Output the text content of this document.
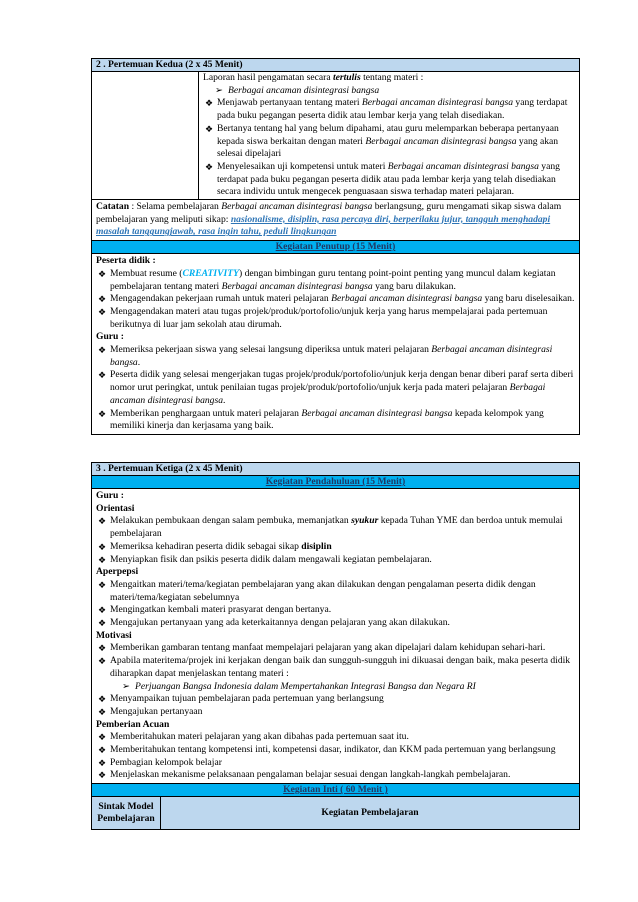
2 . Pertemuan Kedua (2 x 45 Menit)
Laporan hasil pengamatan secara tertulis tentang materi :
➢ Berbagai ancaman disintegrasi bangsa
❖ Menjawab pertanyaan tentang materi Berbagai ancaman disintegrasi bangsa yang terdapat pada buku pegangan peserta didik atau lembar kerja yang telah disediakan.
❖ Bertanya tentang hal yang belum dipahami, atau guru melemparkan beberapa pertanyaan kepada siswa berkaitan dengan materi Berbagai ancaman disintegrasi bangsa yang akan selesai dipelajari
❖ Menyelesaikan uji kompetensi untuk materi Berbagai ancaman disintegrasi bangsa yang terdapat pada buku pegangan peserta didik atau pada lembar kerja yang telah disediakan secara individu untuk mengecek penguasaan siswa terhadap materi pelajaran.
Catatan : Selama pembelajaran Berbagai ancaman disintegrasi bangsa berlangsung, guru mengamati sikap siswa dalam pembelajaran yang meliputi sikap: nasionalisme, disiplin, rasa percaya diri, berperilaku jujur, tangguh menghadapi masalah tanggungjawab, rasa ingin tahu, peduli lingkungan
Kegiatan Penutup (15 Menit)
Peserta didik :
❖ Membuat resume (CREATIVITY) dengan bimbingan guru tentang point-point penting yang muncul dalam kegiatan pembelajaran tentang materi Berbagai ancaman disintegrasi bangsa yang baru dilakukan.
❖ Mengagendakan pekerjaan rumah untuk materi pelajaran Berbagai ancaman disintegrasi bangsa yang baru diselesaikan.
❖ Mengagendakan materi atau tugas projek/produk/portofolio/unjuk kerja yang harus mempelajarai pada pertemuan berikutnya di luar jam sekolah atau dirumah.
Guru :
❖ Memeriksa pekerjaan siswa yang selesai langsung diperiksa untuk materi pelajaran Berbagai ancaman disintegrasi bangsa.
❖ Peserta didik yang selesai mengerjakan tugas projek/produk/portofolio/unjuk kerja dengan benar diberi paraf serta diberi nomor urut peringkat, untuk penilaian tugas projek/produk/portofolio/unjuk kerja pada materi pelajaran Berbagai ancaman disintegrasi bangsa.
❖ Memberikan penghargaan untuk materi pelajaran Berbagai ancaman disintegrasi bangsa kepada kelompok yang memiliki kinerja dan kerjasama yang baik.
3 . Pertemuan Ketiga (2 x 45 Menit)
Kegiatan Pendahuluan (15 Menit)
Guru :
Orientasi
❖ Melakukan pembukaan dengan salam pembuka, memanjatkan syukur kepada Tuhan YME dan berdoa untuk memulai pembelajaran
❖ Memeriksa kehadiran peserta didik sebagai sikap disiplin
❖ Menyiapkan fisik dan psikis peserta didik dalam mengawali kegiatan pembelajaran.
Aperpepsi
❖ Mengaitkan materi/tema/kegiatan pembelajaran yang akan dilakukan dengan pengalaman peserta didik dengan materi/tema/kegiatan sebelumnya
❖ Mengingatkan kembali materi prasyarat dengan bertanya.
❖ Mengajukan pertanyaan yang ada keterkaitannya dengan pelajaran yang akan dilakukan.
Motivasi
❖ Memberikan gambaran tentang manfaat mempelajari pelajaran yang akan dipelajari dalam kehidupan sehari-hari.
❖ Apabila materitema/projek ini kerjakan dengan baik dan sungguh-sungguh ini dikuasai dengan baik, maka peserta didik diharapkan dapat menjelaskan tentang materi :
➢ Perjuangan Bangsa Indonesia dalam Mempertahankan Integrasi Bangsa dan Negara RI
❖ Menyampaikan tujuan pembelajaran pada pertemuan yang berlangsung
❖ Mengajukan pertanyaan
Pemberian Acuan
❖ Memberitahukan materi pelajaran yang akan dibahas pada pertemuan saat itu.
❖ Memberitahukan tentang kompetensi inti, kompetensi dasar, indikator, dan KKM pada pertemuan yang berlangsung
❖ Pembagian kelompok belajar
❖ Menjelaskan mekanisme pelaksanaan pengalaman belajar sesuai dengan langkah-langkah pembelajaran.
Kegiatan Inti ( 60 Menit )
Sintak Model Pembelajaran
Kegiatan Pembelajaran
